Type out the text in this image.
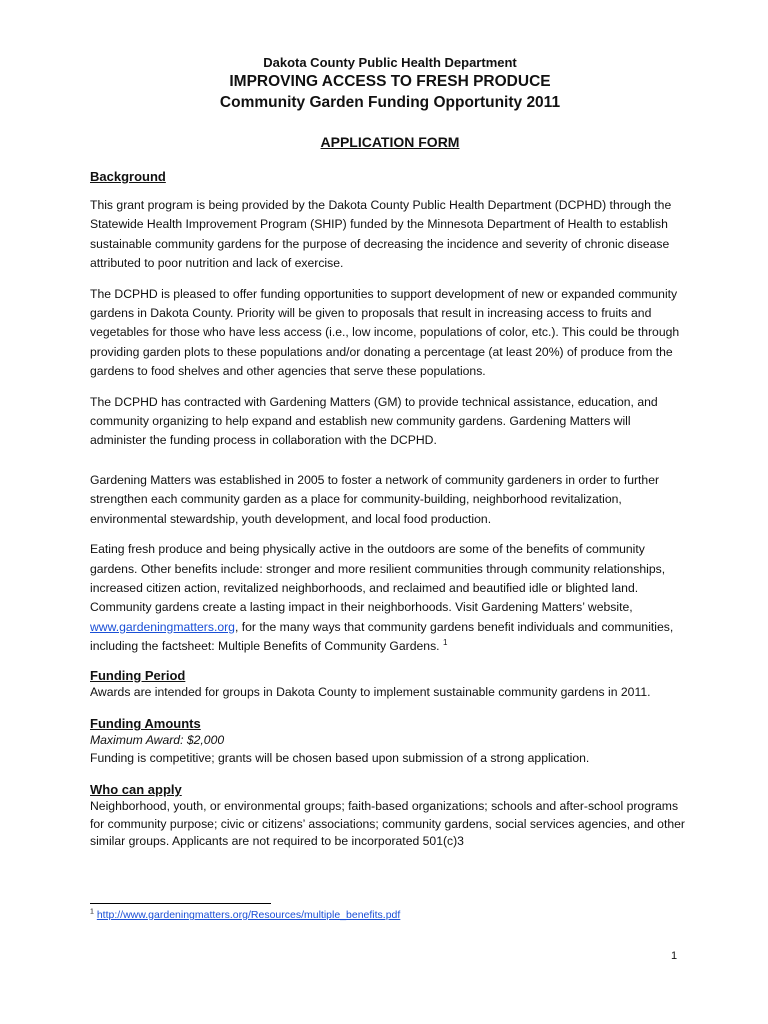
Dakota County Public Health Department
IMPROVING ACCESS TO FRESH PRODUCE
Community Garden Funding Opportunity 2011
APPLICATION FORM
Background

This grant program is being provided by the Dakota County Public Health Department (DCPHD) through the Statewide Health Improvement Program (SHIP) funded by the Minnesota Department of Health to establish sustainable community gardens for the purpose of decreasing the incidence and severity of chronic disease attributed to poor nutrition and lack of exercise.

The DCPHD is pleased to offer funding opportunities to support development of new or expanded community gardens in Dakota County. Priority will be given to proposals that result in increasing access to fruits and vegetables for those who have less access (i.e., low income, populations of color, etc.). This could be through providing garden plots to these populations and/or donating a percentage (at least 20%) of produce from the gardens to food shelves and other agencies that serve these populations.

The DCPHD has contracted with Gardening Matters (GM) to provide technical assistance, education, and community organizing to help expand and establish new community gardens. Gardening Matters will administer the funding process in collaboration with the DCPHD.

Gardening Matters was established in 2005 to foster a network of community gardeners in order to further strengthen each community garden as a place for community-building, neighborhood revitalization, environmental stewardship, youth development, and local food production.

Eating fresh produce and being physically active in the outdoors are some of the benefits of community gardens. Other benefits include: stronger and more resilient communities through community relationships, increased citizen action, revitalized neighborhoods, and reclaimed and beautified idle or blighted land. Community gardens create a lasting impact in their neighborhoods. Visit Gardening Matters’ website, www.gardeningmatters.org, for the many ways that community gardens benefit individuals and communities, including the factsheet: Multiple Benefits of Community Gardens. $^1$

Funding Period

Awards are intended for groups in Dakota County to implement sustainable community gardens in 2011.

Funding Amounts

Maximum Award: $2,000

Funding is competitive; grants will be chosen based upon submission of a strong application.

Who can apply

Neighborhood, youth, or environmental groups; faith-based organizations; schools and after-school programs for community purpose; civic or citizens’ associations; community gardens, social services agencies, and other similar groups. Applicants are not required to be incorporated 501(c)3

$^1$ http://www.gardeningmatters.org/Resources/multiple_benefits.pdf
1
